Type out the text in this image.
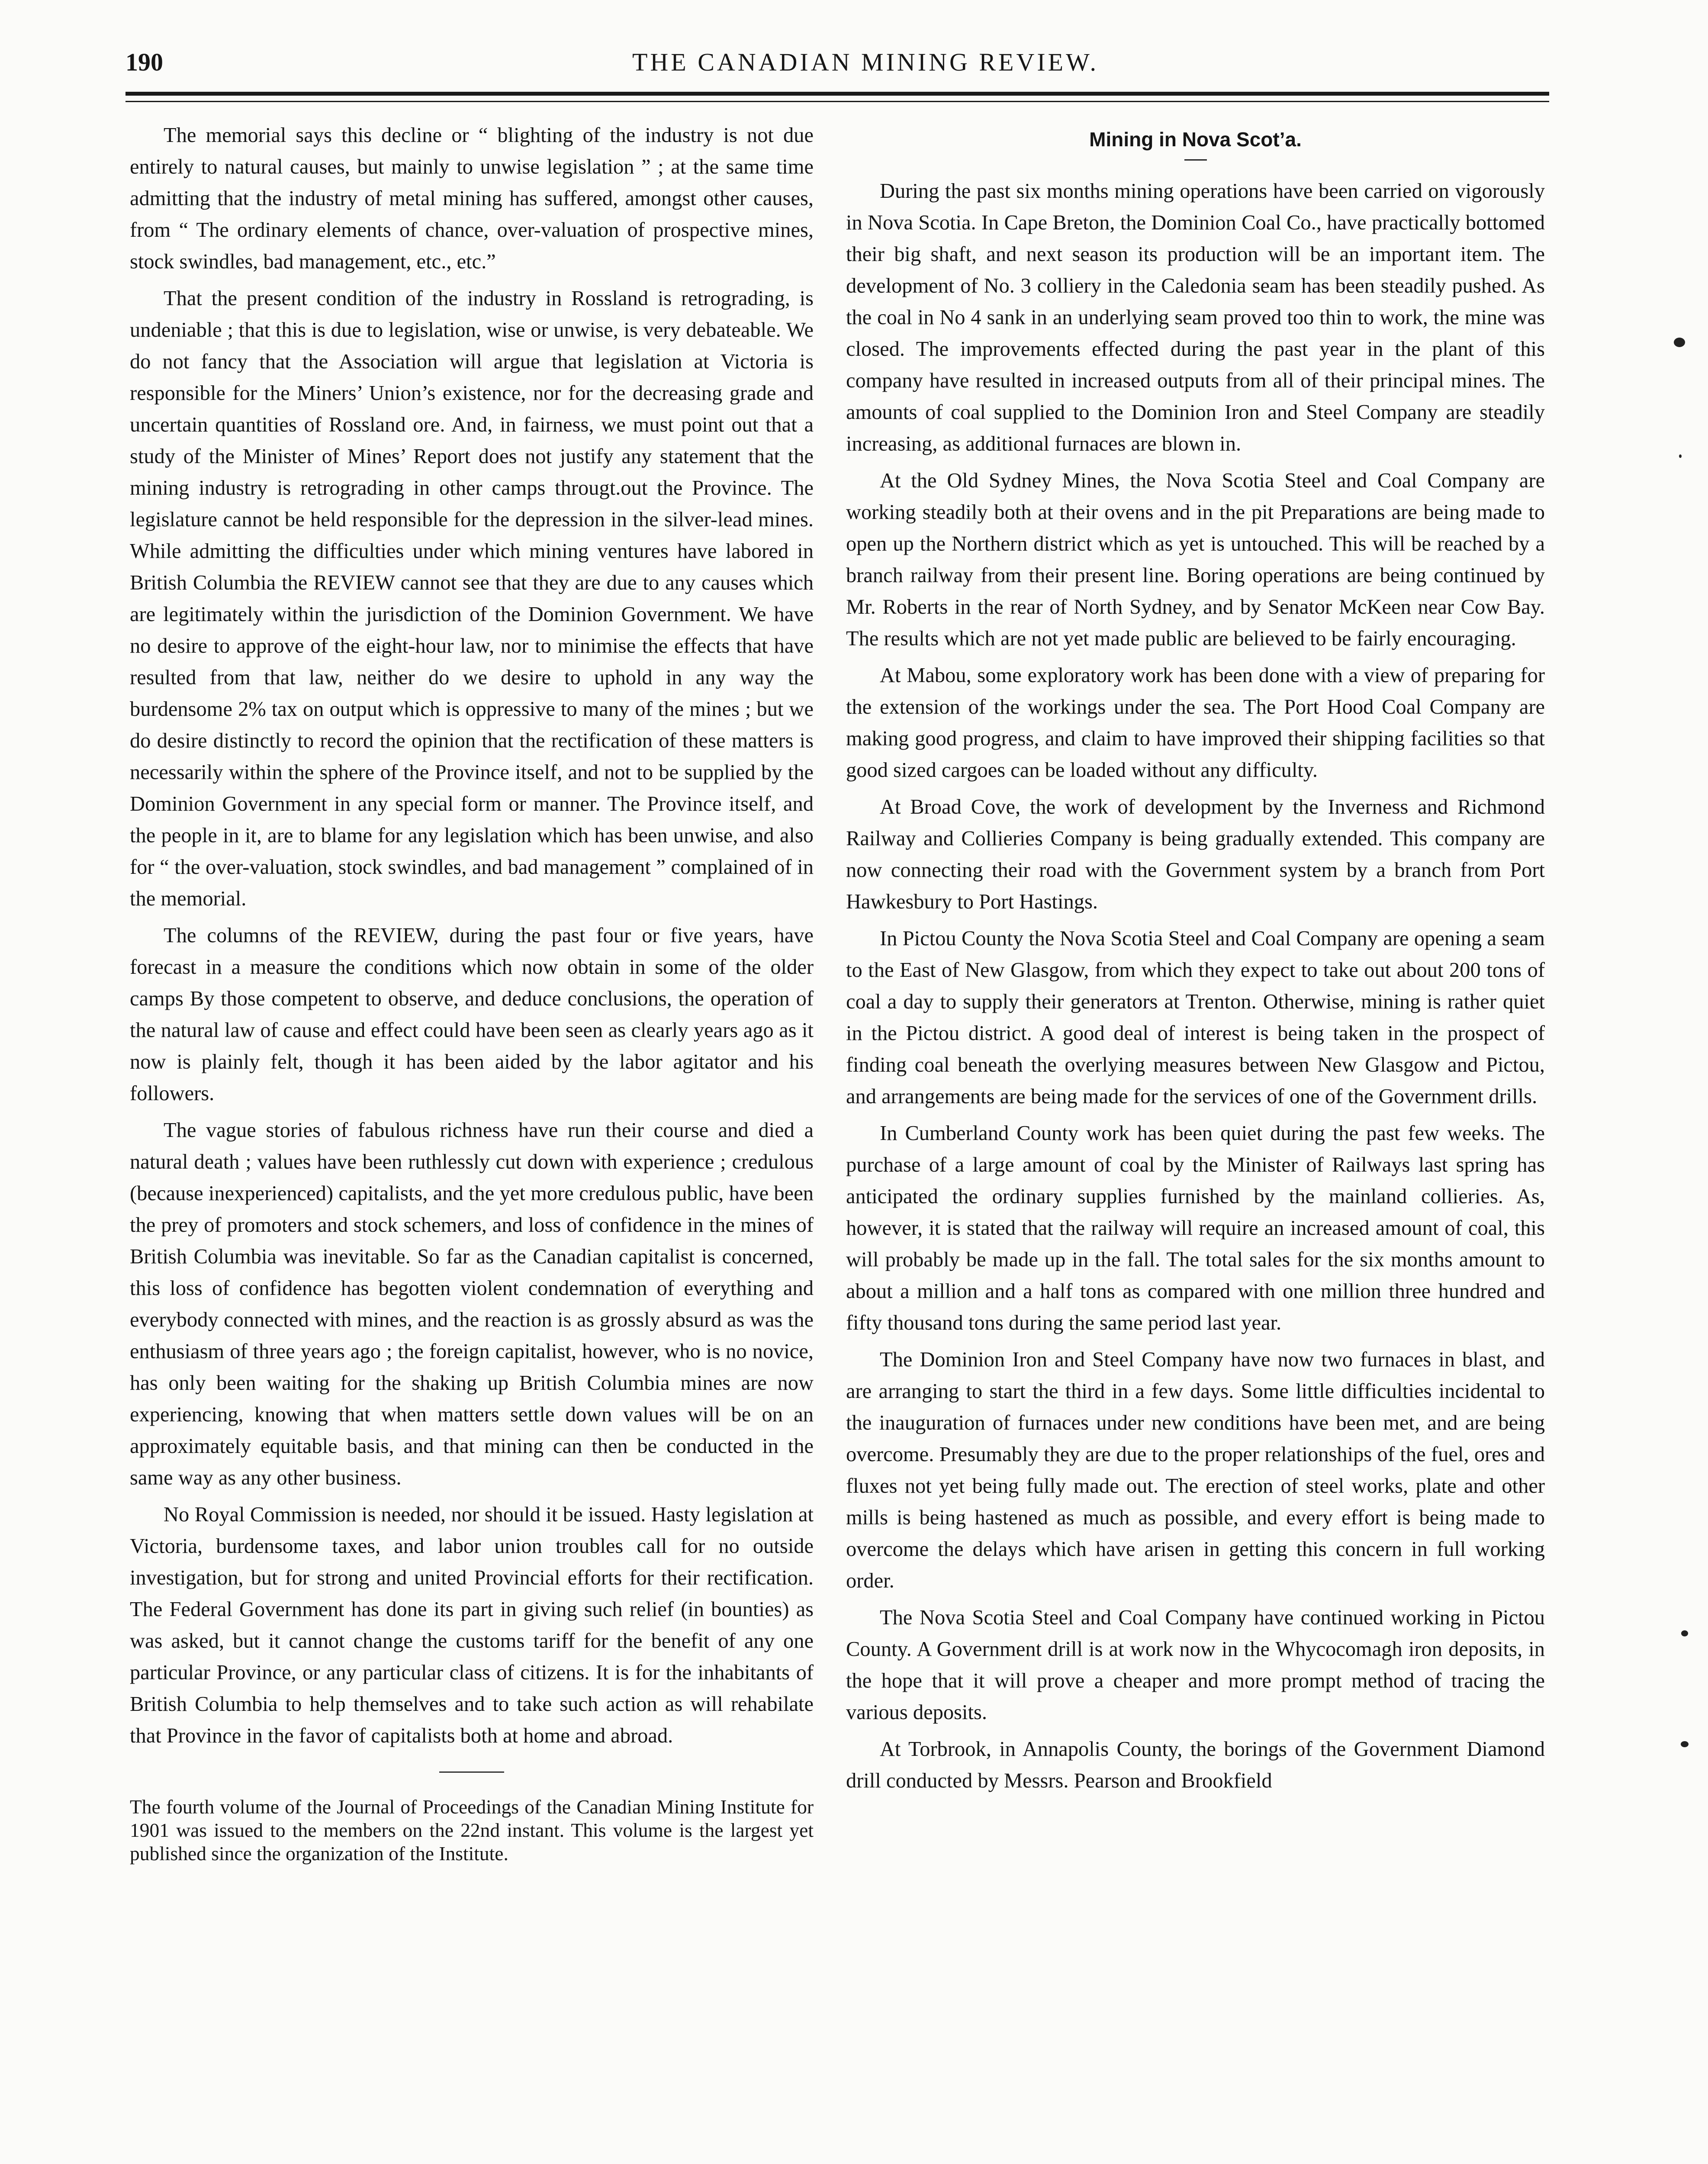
190	THE CANADIAN MINING REVIEW.

The memorial says this decline or “ blighting of the industry is not due entirely to natural causes, but mainly to unwise legislation ” ; at the same time admitting that the industry of metal mining has suffered, amongst other causes, from “ The ordinary elements of chance, over-valuation of prospective mines, stock swindles, bad management, etc., etc.”

That the present condition of the industry in Rossland is retrograding, is undeniable ; that this is due to legislation, wise or unwise, is very debateable. We do not fancy that the Association will argue that legislation at Victoria is responsible for the Miners’ Union’s existence, nor for the decreasing grade and uncertain quantities of Rossland ore. And, in fairness, we must point out that a study of the Minister of Mines’ Report does not justify any statement that the mining industry is retrograding in other camps througt.out the Province. The legislature cannot be held responsible for the depression in the silver-lead mines. While admitting the difficulties under which mining ventures have labored in British Columbia the REVIEW cannot see that they are due to any causes which are legitimately within the jurisdiction of the Dominion Government. We have no desire to approve of the eight-hour law, nor to minimise the effects that have resulted from that law, neither do we desire to uphold in any way the burdensome 2% tax on output which is oppressive to many of the mines ; but we do desire distinctly to record the opinion that the rectification of these matters is necessarily within the sphere of the Province itself, and not to be supplied by the Dominion Government in any special form or manner. The Province itself, and the people in it, are to blame for any legislation which has been unwise, and also for “ the over-valuation, stock swindles, and bad management ” complained of in the memorial.

The columns of the REVIEW, during the past four or five years, have forecast in a measure the conditions which now obtain in some of the older camps By those competent to observe, and deduce conclusions, the operation of the natural law of cause and effect could have been seen as clearly years ago as it now is plainly felt, though it has been aided by the labor agitator and his followers.

The vague stories of fabulous richness have run their course and died a natural death ; values have been ruthlessly cut down with experience ; credulous (because inexperienced) capitalists, and the yet more credulous public, have been the prey of promoters and stock schemers, and loss of confidence in the mines of British Columbia was inevitable. So far as the Canadian capitalist is concerned, this loss of confidence has begotten violent condemnation of everything and everybody connected with mines, and the reaction is as grossly absurd as was the enthusiasm of three years ago ; the foreign capitalist, however, who is no novice, has only been waiting for the shaking up British Columbia mines are now experiencing, knowing that when matters settle down values will be on an approximately equitable basis, and that mining can then be conducted in the same way as any other business.

No Royal Commission is needed, nor should it be issued. Hasty legislation at Victoria, burdensome taxes, and labor union troubles call for no outside investigation, but for strong and united Provincial efforts for their rectification. The Federal Government has done its part in giving such relief (in bounties) as was asked, but it cannot change the customs tariff for the benefit of any one particular Province, or any particular class of citizens. It is for the inhabitants of British Columbia to help themselves and to take such action as will rehabilate that Province in the favor of capitalists both at home and abroad.

The fourth volume of the Journal of Proceedings of the Canadian Mining Institute for 1901 was issued to the members on the 22nd instant. This volume is the largest yet published since the organization of the Institute.

Mining in Nova Scot’a.

During the past six months mining operations have been carried on vigorously in Nova Scotia. In Cape Breton, the Dominion Coal Co., have practically bottomed their big shaft, and next season its production will be an important item. The development of No. 3 colliery in the Caledonia seam has been steadily pushed. As the coal in No 4 sank in an underlying seam proved too thin to work, the mine was closed. The improvements effected during the past year in the plant of this company have resulted in increased outputs from all of their principal mines. The amounts of coal supplied to the Dominion Iron and Steel Company are steadily increasing, as additional furnaces are blown in.

At the Old Sydney Mines, the Nova Scotia Steel and Coal Company are working steadily both at their ovens and in the pit Preparations are being made to open up the Northern district which as yet is untouched. This will be reached by a branch railway from their present line. Boring operations are being continued by Mr. Roberts in the rear of North Sydney, and by Senator McKeen near Cow Bay. The results which are not yet made public are believed to be fairly encouraging.

At Mabou, some exploratory work has been done with a view of preparing for the extension of the workings under the sea. The Port Hood Coal Company are making good progress, and claim to have improved their shipping facilities so that good sized cargoes can be loaded without any difficulty.

At Broad Cove, the work of development by the Inverness and Richmond Railway and Collieries Company is being gradually extended. This company are now connecting their road with the Government system by a branch from Port Hawkesbury to Port Hastings.

In Pictou County the Nova Scotia Steel and Coal Company are opening a seam to the East of New Glasgow, from which they expect to take out about 200 tons of coal a day to supply their generators at Trenton. Otherwise, mining is rather quiet in the Pictou district. A good deal of interest is being taken in the prospect of finding coal beneath the overlying measures between New Glasgow and Pictou, and arrangements are being made for the services of one of the Government drills.

In Cumberland County work has been quiet during the past few weeks. The purchase of a large amount of coal by the Minister of Railways last spring has anticipated the ordinary supplies furnished by the mainland collieries. As, however, it is stated that the railway will require an increased amount of coal, this will probably be made up in the fall. The total sales for the six months amount to about a million and a half tons as compared with one million three hundred and fifty thousand tons during the same period last year.

The Dominion Iron and Steel Company have now two furnaces in blast, and are arranging to start the third in a few days. Some little difficulties incidental to the inauguration of furnaces under new conditions have been met, and are being overcome. Presumably they are due to the proper relationships of the fuel, ores and fluxes not yet being fully made out. The erection of steel works, plate and other mills is being hastened as much as possible, and every effort is being made to overcome the delays which have arisen in getting this concern in full working order.

The Nova Scotia Steel and Coal Company have continued working in Pictou County. A Government drill is at work now in the Whycocomagh iron deposits, in the hope that it will prove a cheaper and more prompt method of tracing the various deposits.

At Torbrook, in Annapolis County, the borings of the Government Diamond drill conducted by Messrs. Pearson and Brookfield
